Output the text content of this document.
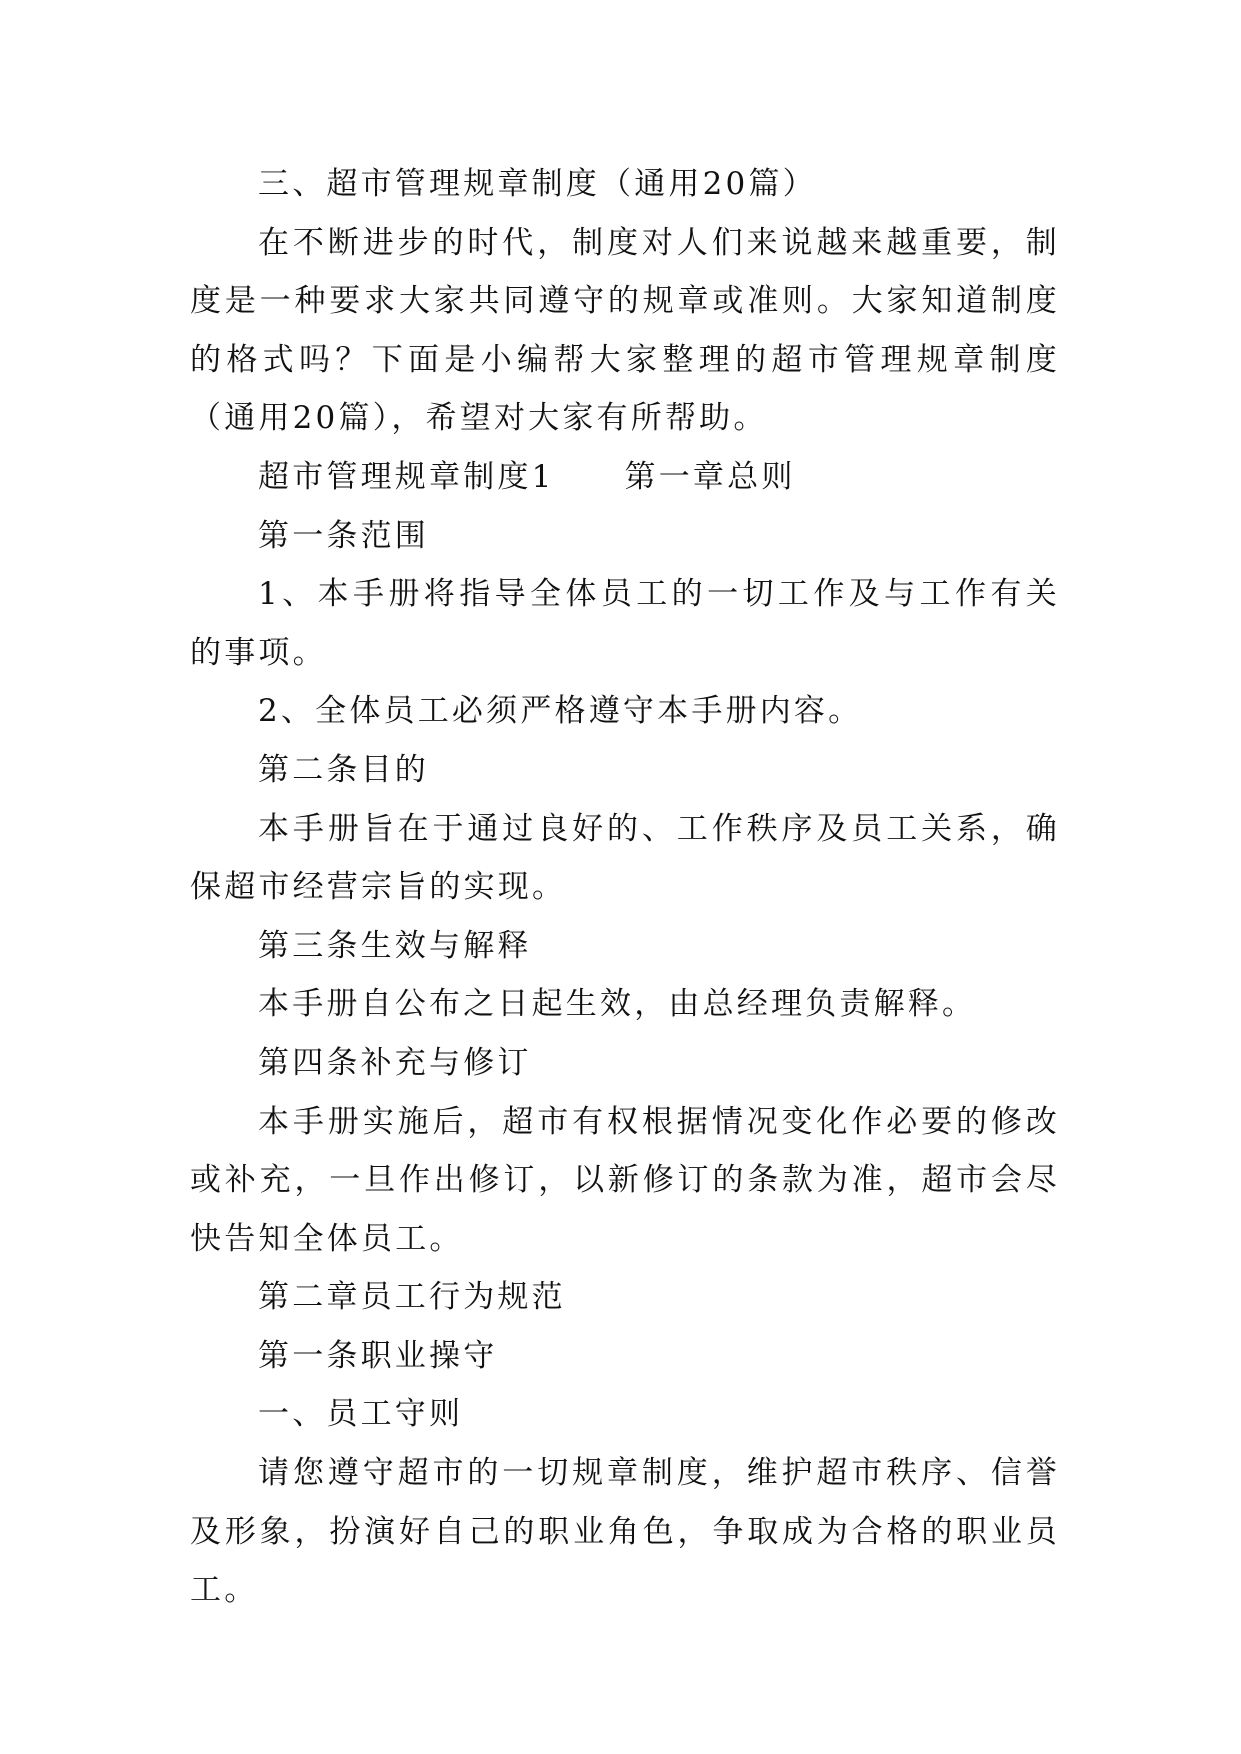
三、超市管理规章制度（通用20篇）

在不断进步的时代，制度对人们来说越来越重要，制度是一种要求大家共同遵守的规章或准则。大家知道制度的格式吗？下面是小编帮大家整理的超市管理规章制度（通用20篇），希望对大家有所帮助。

超市管理规章制度1 第一章总则

第一条范围

1、本手册将指导全体员工的一切工作及与工作有关的事项。

2、全体员工必须严格遵守本手册内容。

第二条目的

本手册旨在于通过良好的、工作秩序及员工关系，确保超市经营宗旨的实现。

第三条生效与解释

本手册自公布之日起生效，由总经理负责解释。

第四条补充与修订

本手册实施后，超市有权根据情况变化作必要的修改或补充，一旦作出修订，以新修订的条款为准，超市会尽快告知全体员工。

第二章员工行为规范

第一条职业操守

一、员工守则

请您遵守超市的一切规章制度，维护超市秩序、信誉及形象，扮演好自己的职业角色，争取成为合格的职业员工。
